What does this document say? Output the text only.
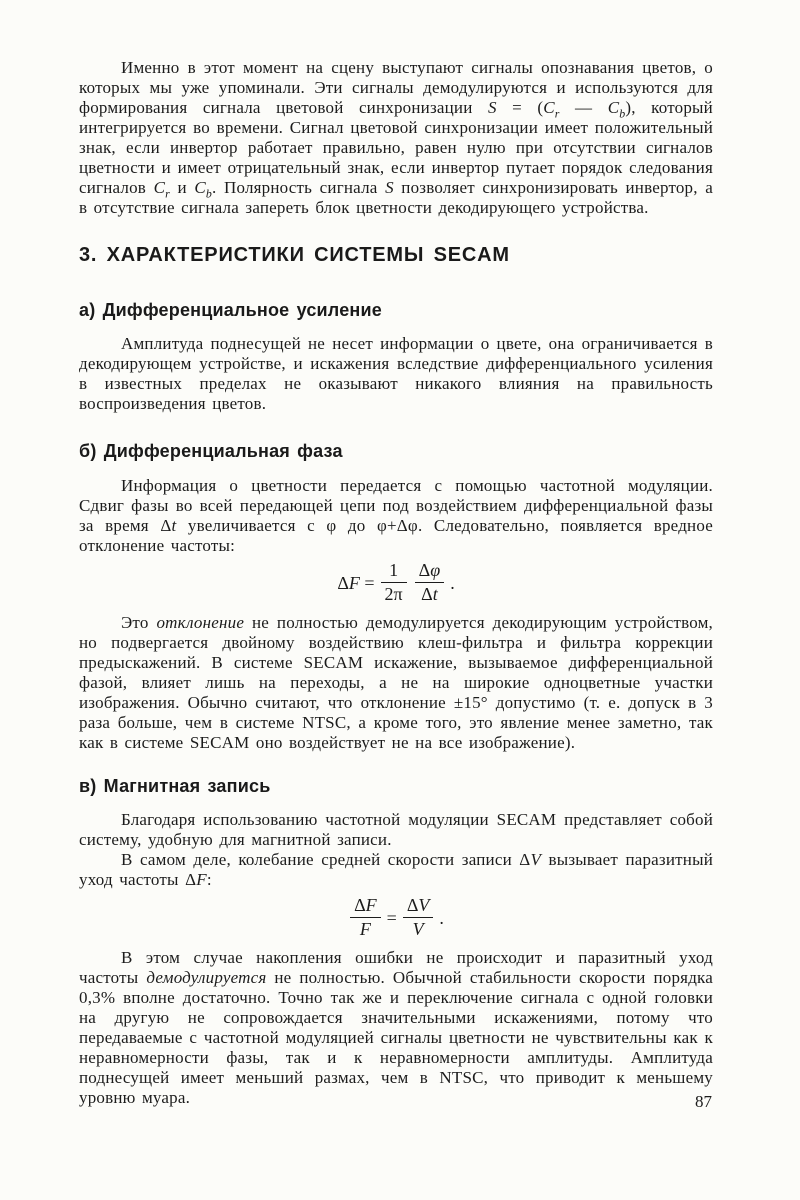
Именно в этот момент на сцену выступают сигналы опознавания цветов, о которых мы уже упоминали. Эти сигналы демодулируются и используются для формирования сигнала цветовой синхронизации $S = (C_r$ — $C_b$), который интегрируется во времени. Сигнал цветовой синхронизации имеет положительный знак, если инвертор работает правильно, равен нулю при отсутствии сигналов цветности и имеет отрицательный знак, если инвертор путает порядок следования сигналов $C_r$ и $C_b$. Полярность сигнала S позволяет синхронизировать инвертор, а в отсутствие сигнала запереть блок цветности декодирующего устройства.

3. ХАРАКТЕРИСТИКИ СИСТЕМЫ SECAM
а) Дифференциальное усиление

Амплитуда поднесущей не несет информации о цвете, она ограничивается в декодирующем устройстве, и искажения вследствие дифференциального усиления в известных пределах не оказывают никакого влияния на правильность воспроизведения цветов.

б) Дифференциальная фаза

Информация о цветности передается с помощью частотной модуляции. Сдвиг фазы во всей передающей цепи под воздействием дифференциальной фазы за время Δt увеличивается с φ до φ+Δφ. Следовательно, появляется вредное отклонение частоты:

$\Delta F = \frac{1}{2\pi} \frac{\Delta\varphi}{\Delta t}$ .

Это отклонение не полностью демодулируется декодирующим устройством, но подвергается двойному воздействию клеш-фильтра и фильтра коррекции предыскажений. В системе SECAM искажение, вызываемое дифференциальной фазой, влияет лишь на переходы, а не на широкие одноцветные участки изображения. Обычно считают, что отклонение ±15° допустимо (т. е. допуск в 3 раза больше, чем в системе NTSC, а кроме того, это явление менее заметно, так как в системе SECAM оно воздействует не на все изображение).

в) Магнитная запись

Благодаря использованию частотной модуляции SECAM представляет собой систему, удобную для магнитной записи.

В самом деле, колебание средней скорости записи ΔV вызывает паразитный уход частоты ΔF:

$\frac{\Delta F}{F} = \frac{\Delta V}{V}$ .

В этом случае накопления ошибки не происходит и паразитный уход частоты демодулируется не полностью. Обычной стабильности скорости порядка 0,3% вполне достаточно. Точно так же и переключение сигнала с одной головки на другую не сопровождается значительными искажениями, потому что передаваемые с частотной модуляцией сигналы цветности не чувствительны как к неравномерности фазы, так и к неравномерности амплитуды. Амплитуда поднесущей имеет меньший размах, чем в NTSC, что приводит к меньшему уровню муара.	87
